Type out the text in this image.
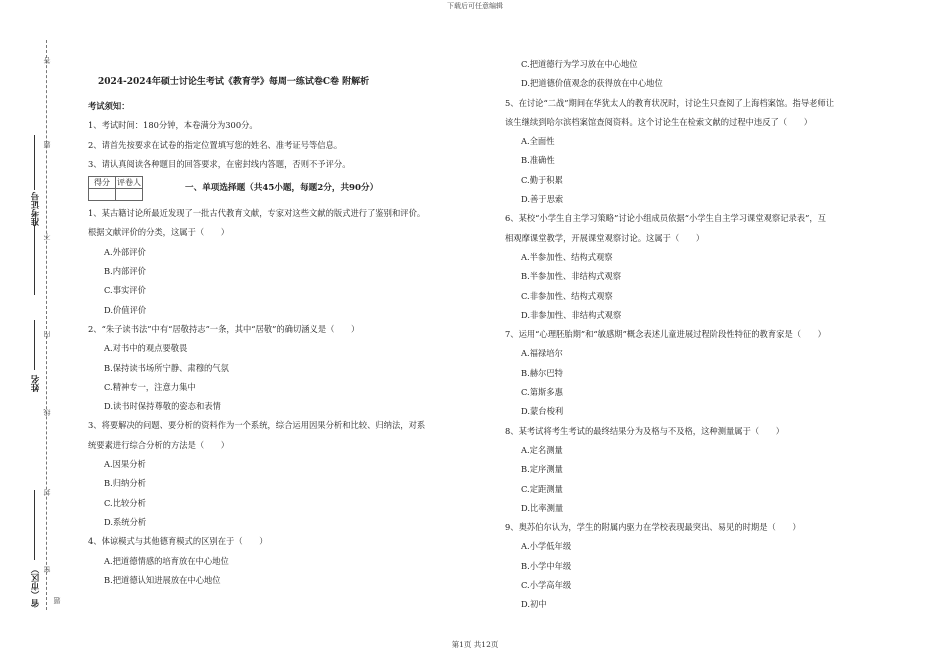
下载后可任意编辑
答
题
不
内
线
封
密
题
准考证号
姓名
省（市区）

2024-2024年硕士讨论生考试《教育学》每周一练试卷C卷 附解析

考试须知：

1、考试时间：180分钟，本卷满分为300分。

2、请首先按要求在试卷的指定位置填写您的姓名、准考证号等信息。

3、请认真阅读各种题目的回答要求，在密封线内答题，否则不予评分。

得分	评卷人

一、单项选择题（共45小题，每题2分，共90分）

1、某古籍讨论所最近发现了一批古代教育文献，专家对这些文献的版式进行了鉴别和评价。

根据文献评价的分类，这属于（　　）

A.外部评价

B.内部评价

C.事实评价

D.价值评价

2、“朱子读书法”中有“居敬持志”一条，其中“居敬”的确切涵义是（　　）

A.对书中的观点要敬畏

B.保持读书场所宁静、肃穆的气氛

C.精神专一，注意力集中

D.读书时保持尊敬的姿态和表情

3、将要解决的问题、要分析的资料作为一个系统，综合运用因果分析和比较、归纳法，对系

统要素进行综合分析的方法是（　　）

A.因果分析

B.归纳分析

C.比较分析

D.系统分析

4、体谅模式与其他德育模式的区别在于（　　）

A.把道德情感的培育放在中心地位

B.把道德认知进展放在中心地位

C.把道德行为学习放在中心地位

D.把道德价值观念的获得放在中心地位

5、在讨论“二战”期间在华犹太人的教育状况时，讨论生只查阅了上海档案馆。指导老师让

该生继续到哈尔滨档案馆查阅资料。这个讨论生在检索文献的过程中违反了（　　）

A.全面性

B.准确性

C.勤于积累

D.善于思索

6、某校“小学生自主学习策略”讨论小组成员依据“小学生自主学习课堂观察记录表”，互

相观摩课堂教学，开展课堂观察讨论。这属于（　　）

A.半参加性、结构式观察

B.半参加性、非结构式观察

C.非参加性、结构式观察

D.非参加性、非结构式观察

7、运用“心理胚胎期”和“敏感期”概念表述儿童进展过程阶段性特征的教育家是（　　）

A.福禄培尔

B.赫尔巴特

C.第斯多惠

D.蒙台梭利

8、某考试将考生考试的最终结果分为及格与不及格，这种测量属于（　　）

A.定名测量

B.定序测量

C.定距测量

D.比率测量

9、奥苏伯尔认为，学生的附属内驱力在学校表现最突出、易见的时期是（　　）

A.小学低年级

B.小学中年级

C.小学高年级

D.初中

第1页 共12页
